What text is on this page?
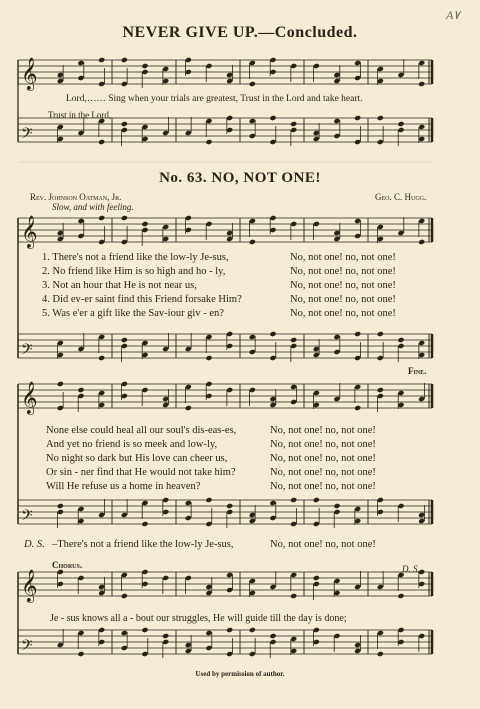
𝄞
𝄢
𝄞
𝄢
𝄞
𝄢
𝄞
𝄢
NEVER GIVE UP.—Concluded.
A۷
Lord,…… Sing when your trials are greatest, Trust in the Lord and take heart.
Trust in the Lord,
No. 63. NO, NOT ONE!
Rev. Johnson Oatman, Jr.	Geo. C. Hugg.
Slow, and with feeling.
1. There's not a friend like the low-ly Je-sus,	No, not one! no, not one!
2. No friend like Him is so high and ho - ly,	No, not one! no, not one!
3. Not an hour that He is not near us,	No, not one! no, not one!
4. Did ev-er saint find this Friend forsake Him?	No, not one! no, not one!
5. Was e'er a gift like the Sav-iour giv - en?	No, not one! no, not one!
Fine.
None else could heal all our soul's dis-eas-es,	No, not one! no, not one!
And yet no friend is so meek and low-ly,	No, not one! no, not one!
No night so dark but His love can cheer us,	No, not one! no, not one!
Or sin - ner find that He would not take him?	No, not one! no, not one!
Will He refuse us a home in heaven?	No, not one! no, not one!
D. S. –There's not a friend like the low-ly Je-sus,	No, not one! no, not one!
Chorus.	D. S.
Je - sus knows all a - bout our struggles, He will guide till the day is done;
Used by permission of author.
